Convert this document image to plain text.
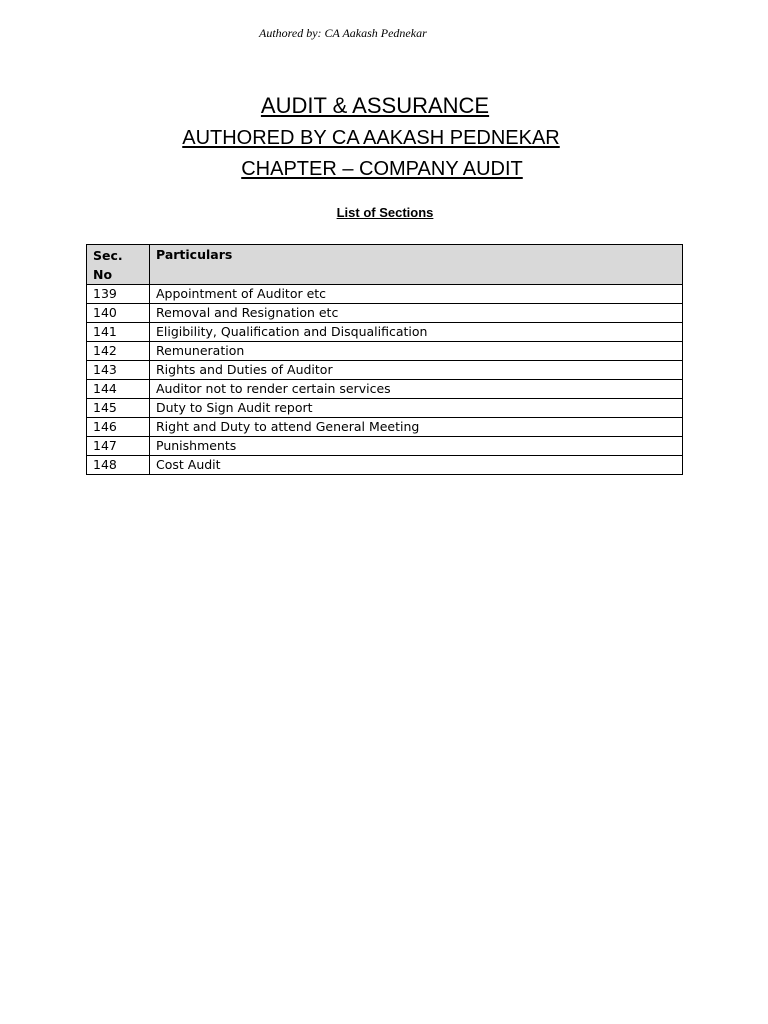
Authored by: CA Aakash Pednekar
AUDIT & ASSURANCE
AUTHORED BY CA AAKASH PEDNEKAR
CHAPTER – COMPANY AUDIT
List of Sections
Sec.
No	Particulars
139	Appointment of Auditor etc
140	Removal and Resignation etc
141	Eligibility, Qualification and Disqualification
142	Remuneration
143	Rights and Duties of Auditor
144	Auditor not to render certain services
145	Duty to Sign Audit report
146	Right and Duty to attend General Meeting
147	Punishments
148	Cost Audit
